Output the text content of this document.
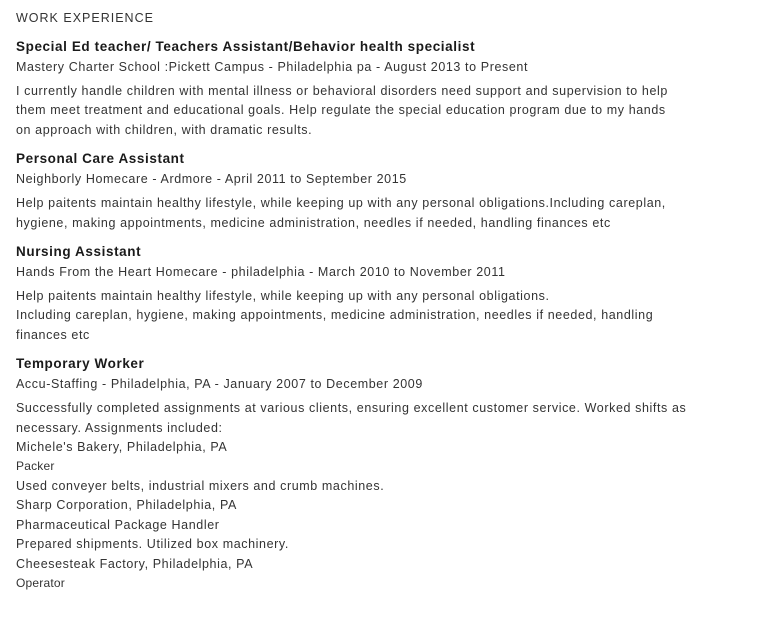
WORK EXPERIENCE
Special Ed teacher/ Teachers Assistant/Behavior health specialist
Mastery Charter School :Pickett Campus - Philadelphia pa - August 2013 to Present
I currently handle children with mental illness or behavioral disorders need support and supervision to help
them meet treatment and educational goals. Help regulate the special education program due to my hands
on approach with children, with dramatic results.
Personal Care Assistant
Neighborly Homecare - Ardmore - April 2011 to September 2015
Help paitents maintain healthy lifestyle, while keeping up with any personal obligations.Including careplan,
hygiene, making appointments, medicine administration, needles if needed, handling finances etc
Nursing Assistant
Hands From the Heart Homecare - philadelphia - March 2010 to November 2011
Help paitents maintain healthy lifestyle, while keeping up with any personal obligations.
Including careplan, hygiene, making appointments, medicine administration, needles if needed, handling
finances etc
Temporary Worker
Accu-Staffing - Philadelphia, PA - January 2007 to December 2009
Successfully completed assignments at various clients, ensuring excellent customer service. Worked shifts as
necessary. Assignments included:
Michele's Bakery, Philadelphia, PA
Packer
Used conveyer belts, industrial mixers and crumb machines.
Sharp Corporation, Philadelphia, PA
Pharmaceutical Package Handler
Prepared shipments. Utilized box machinery.
Cheesesteak Factory, Philadelphia, PA
Operator
